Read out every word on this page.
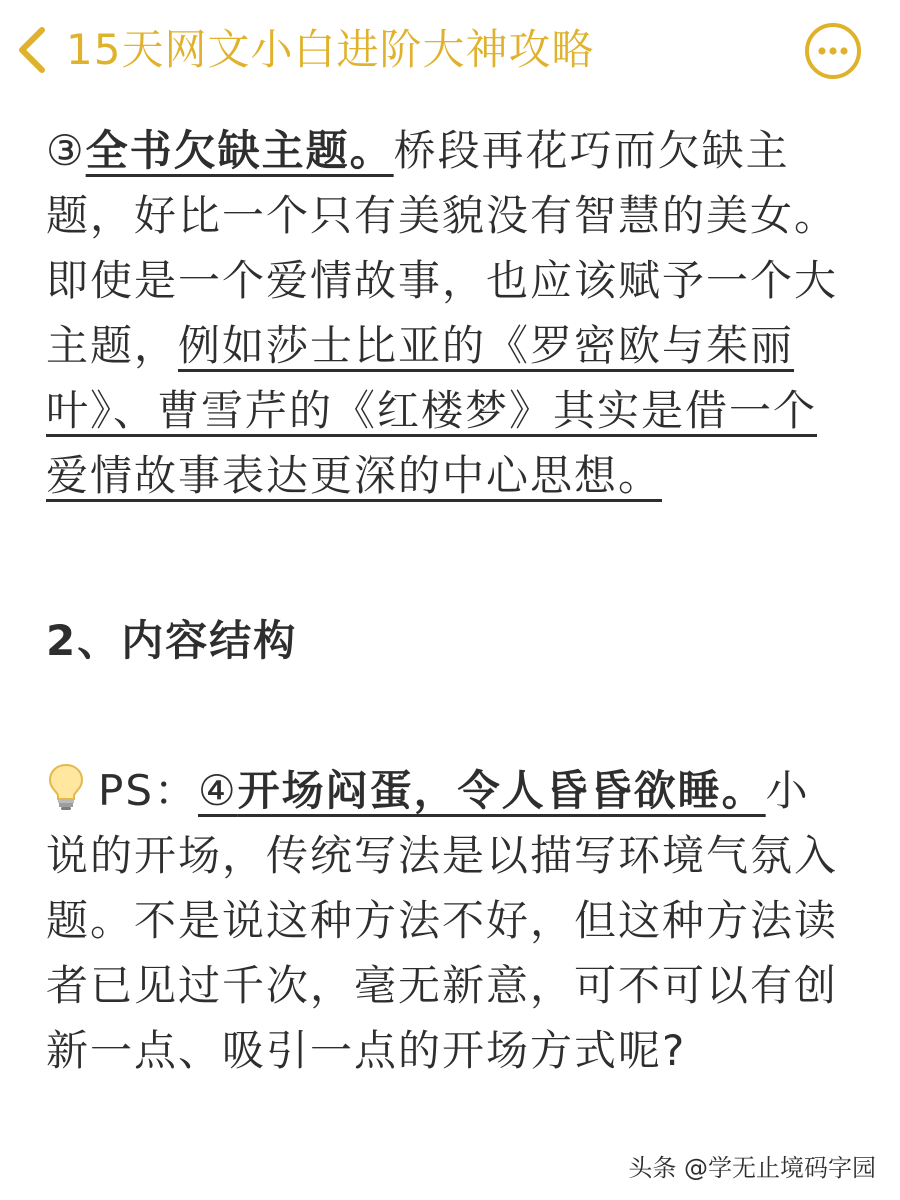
15天网文小白进阶大神攻略

③全书欠缺主题。桥段再花巧而欠缺主题，好比一个只有美貌没有智慧的美女。即使是一个爱情故事，也应该赋予一个大主题，例如莎士比亚的《罗密欧与茱丽叶》、曹雪芹的《红楼梦》其实是借一个爱情故事表达更深的中心思想。

2、内容结构

PS：④开场闷蛋，令人昏昏欲睡。小说的开场，传统写法是以描写环境气氛入题。不是说这种方法不好，但这种方法读者已见过千次，毫无新意，可不可以有创新一点、吸引一点的开场方式呢?

头条 @学无止境码字园
